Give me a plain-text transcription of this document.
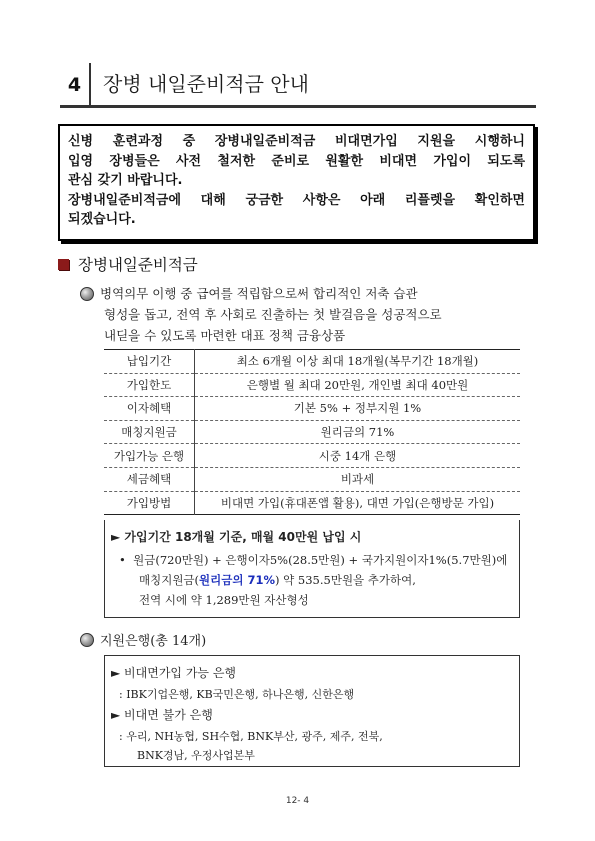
4	장병 내일준비적금 안내

신병 훈련과정 중 장병내일준비적금 비대면가입 지원을 시행하니

입영 장병들은 사전 철저한 준비로 원활한 비대면 가입이 되도록

관심 갖기 바랍니다.

장병내일준비적금에 대해 궁금한 사항은 아래 리플렛을 확인하면

되겠습니다.

장병내일준비적금
병역의무 이행 중 급여를 적립함으로써 합리적인 저축 습관
형성을 돕고, 전역 후 사회로 진출하는 첫 발걸음을 성공적으로
내딛을 수 있도록 마련한 대표 정책 금융상품
납입기간	최소 6개월 이상 최대 18개월(복무기간 18개월)
가입한도	은행별 월 최대 20만원, 개인별 최대 40만원
이자혜택	기본 5% + 정부지원 1%
매칭지원금	원리금의 71%
가입가능 은행	시중 14개 은행
세금혜택	비과세
가입방법	비대면 가입(휴대폰앱 활용), 대면 가입(은행방문 가입)
► 가입기간 18개월 기준, 매월 40만원 납입 시
•  원금(720만원) + 은행이자5%(28.5만원) + 국가지원이자1%(5.7만원)에
매칭지원금(원리금의 71%) 약 535.5만원을 추가하여,
전역 시에 약 1,289만원 자산형성
지원은행(총 14개)
► 비대면가입 가능 은행
: IBK기업은행, KB국민은행, 하나은행, 신한은행
► 비대면 불가 은행
: 우리, NH농협, SH수협, BNK부산, 광주, 제주, 전북,
BNK경남, 우정사업본부
12- 4
